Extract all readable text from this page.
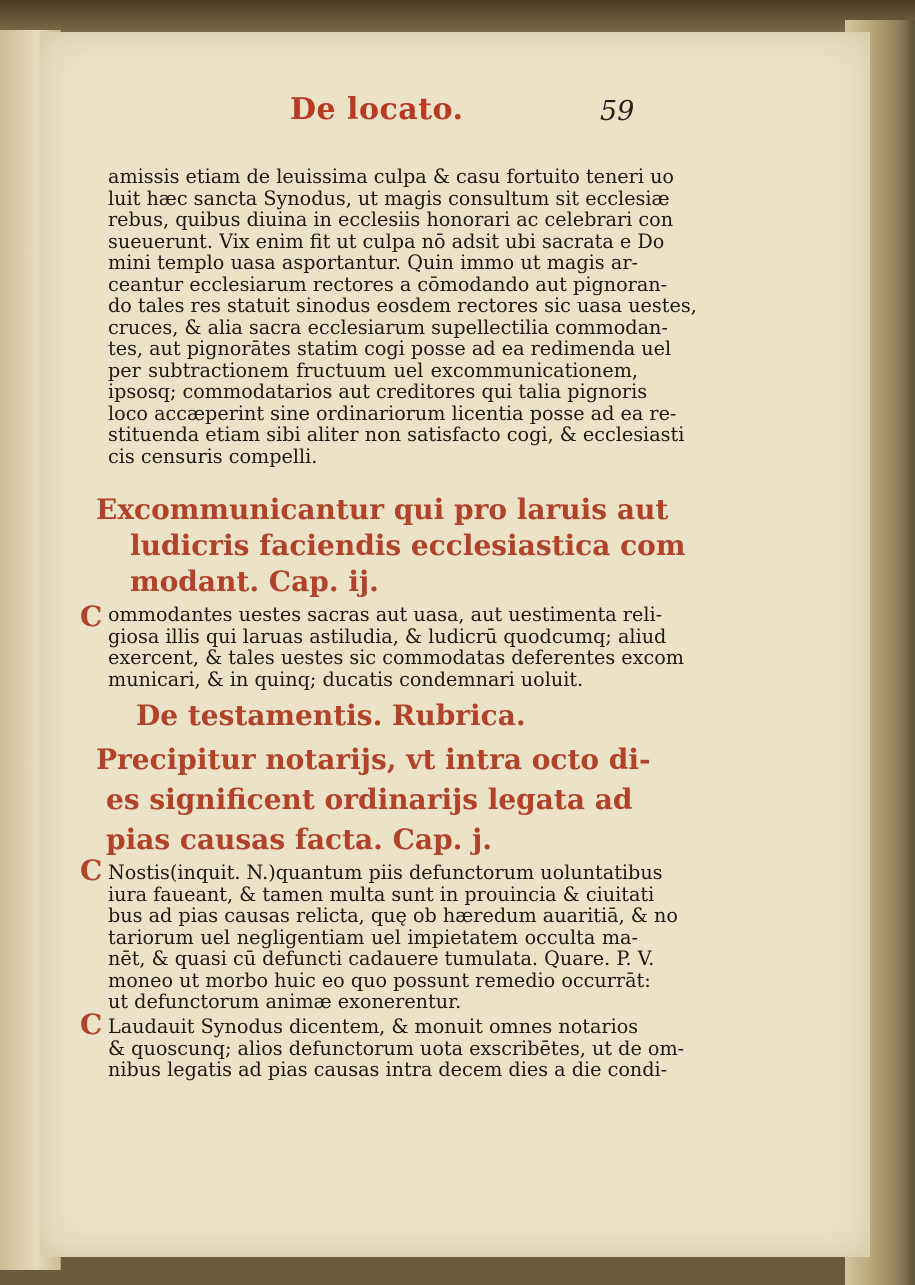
De locato.	59
amissis etiam de leuissima culpa & casu fortuito teneri uo
luit hæc sancta Synodus, ut magis consultum sit ecclesiæ
rebus, quibus diuina in ecclesiis honorari ac celebrari con
sueuerunt. Vix enim fit ut culpa nō adsit ubi sacrata e Do
mini templo uasa asportantur. Quin immo ut magis ar-
ceantur ecclesiarum rectores a cōmodando aut pignoran-
do tales res statuit sinodus eosdem rectores sic uasa uestes,
cruces, & alia sacra ecclesiarum supellectilia commodan-
tes, aut pignorātes statim cogi posse ad ea redimenda uel
per subtractionem fructuum uel excommunicationem,
ipsosq; commodatarios aut creditores qui talia pignoris
loco accæperint sine ordinariorum licentia posse ad ea re-
stituenda etiam sibi aliter non satisfacto cogi, & ecclesiasti
cis censuris compelli.
Excommunicantur qui pro laruis aut
ludicris faciendis ecclesiastica com
modant. Cap. ij.
C ommodantes uestes sacras aut uasa, aut uestimenta reli-
giosa illis qui laruas astiludia, & ludicrū quodcumq; aliud
exercent, & tales uestes sic commodatas deferentes excom
municari, & in quinq; ducatis condemnari uoluit.
De testamentis. Rubrica.
Precipitur notarijs, vt intra octo di-
es significent ordinarijs legata ad
pias causas facta. Cap. j.
C Nostis(inquit. N.)quantum piis defunctorum uoluntatibus
iura faueant, & tamen multa sunt in prouincia & ciuitati
bus ad pias causas relicta, quę ob hæredum auaritiā, & no
tariorum uel negligentiam uel impietatem occulta ma-
nēt, & quasi cū defuncti cadauere tumulata. Quare. P. V.
moneo ut morbo huic eo quo possunt remedio occurrāt:
ut defunctorum animæ exonerentur.
C Laudauit Synodus dicentem, & monuit omnes notarios
& quoscunq; alios defunctorum uota exscribētes, ut de om-
nibus legatis ad pias causas intra decem dies a die condi-
